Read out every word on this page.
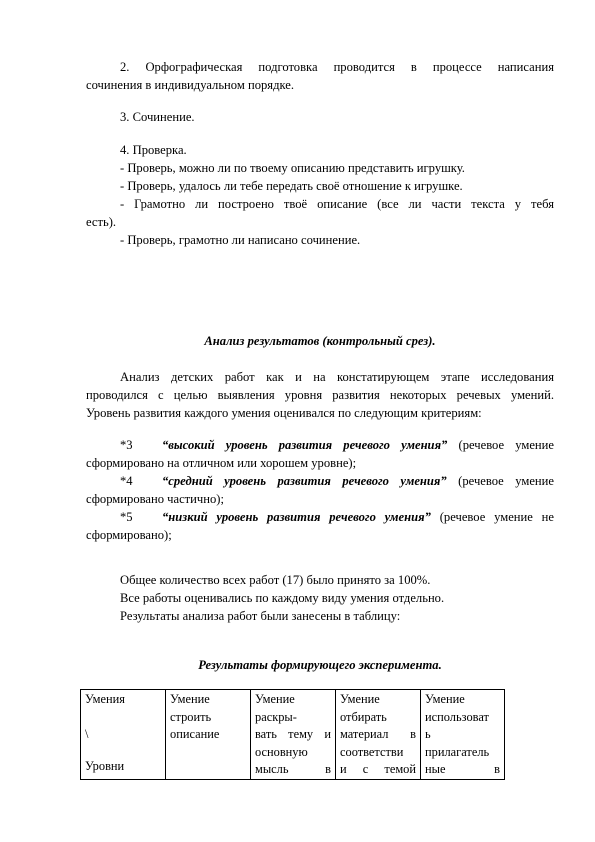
2. Орфографическая подготовка проводится в процессе написания
сочинения в индивидуальном порядке.
3. Сочинение.
4. Проверка.
- Проверь, можно ли по твоему описанию представить игрушку.
- Проверь, удалось ли тебе передать своё отношение к игрушке.
- Грамотно ли построено твоё описание (все ли части текста у тебя
есть).
- Проверь, грамотно ли написано сочинение.
Анализ результатов (контрольный срез).
Анализ детских работ как и на констатирующем этапе исследования
проводился с целью выявления уровня развития некоторых речевых умений.
Уровень развития каждого умения оценивался по следующим критериям:
*3	“высокий уровень развития речевого умения” (речевое умение
сформировано на отличном или хорошем уровне);
*4	“средний уровень развития речевого умения” (речевое умение
сформировано частично);
*5	“низкий уровень развития речевого умения” (речевое умение не
сформировано);
Общее количество всех работ (17) было принято за 100%.
Все работы оценивались по каждому виду умения отдельно.
Результаты анализа работ были занесены в таблицу:
Результаты формирующего эксперимента.
Умения
\
Уровни

Умение
строить
описание

Умение
раскры-
вать тему и
основную
мысль в

Умение
отбирать
материал в
соответстви
и с темой

Умение
использоват
ь
прилагатель
ные в
